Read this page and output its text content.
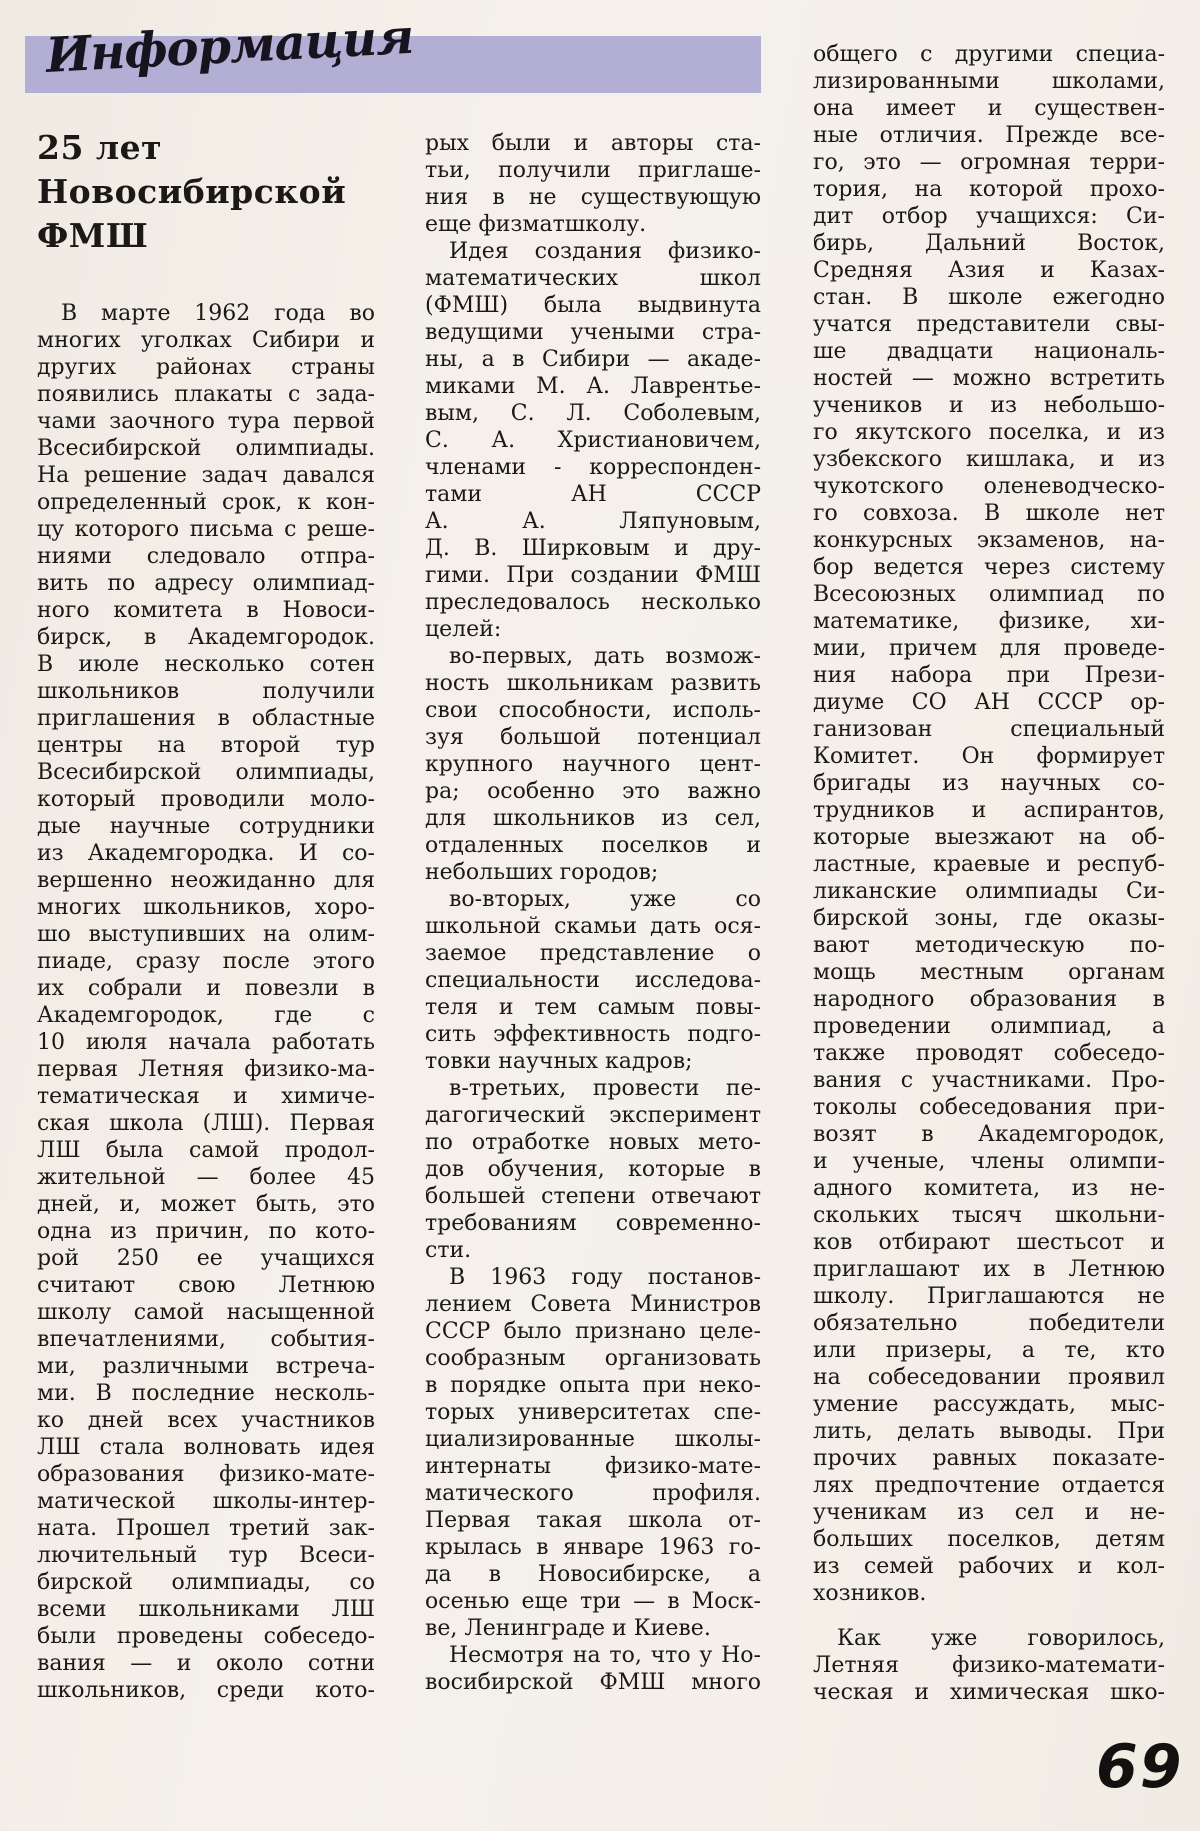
Информация
25 лет
Новосибирской
ФМШ
В марте 1962 года во
многих уголках Сибири и
других районах страны
появились плакаты с зада-
чами заочного тура первой
Всесибирской олимпиады.
На решение задач давался
определенный срок, к кон-
цу которого письма с реше-
ниями следовало отпра-
вить по адресу олимпиад-
ного комитета в Новоси-
бирск, в Академгородок.
В июле несколько сотен
школьников получили
приглашения в областные
центры на второй тур
Всесибирской олимпиады,
который проводили моло-
дые научные сотрудники
из Академгородка. И со-
вершенно неожиданно для
многих школьников, хоро-
шо выступивших на олим-
пиаде, сразу после этого
их собрали и повезли в
Академгородок, где с
10 июля начала работать
первая Летняя физико-ма-
тематическая и химиче-
ская школа (ЛШ). Первая
ЛШ была самой продол-
жительной — более 45
дней, и, может быть, это
одна из причин, по кото-
рой 250 ее учащихся
считают свою Летнюю
школу самой насыщенной
впечатлениями, события-
ми, различными встреча-
ми. В последние несколь-
ко дней всех участников
ЛШ стала волновать идея
образования физико-мате-
матической школы-интер-
ната. Прошел третий зак-
лючительный тур Всеси-
бирской олимпиады, со
всеми школьниками ЛШ
были проведены собеседо-
вания — и около сотни
школьников, среди кото-
рых были и авторы ста-
тьи, получили приглаше-
ния в не существующую
еще физматшколу.
Идея создания физико-
математических школ
(ФМШ) была выдвинута
ведущими учеными стра-
ны, а в Сибири — акаде-
миками М. А. Лаврентье-
вым, С. Л. Соболевым,
С. А. Христиановичем,
членами - корреспонден-
тами АН СССР
А. А. Ляпуновым,
Д. В. Ширковым и дру-
гими. При создании ФМШ
преследовалось несколько
целей:
во-первых, дать возмож-
ность школьникам развить
свои способности, исполь-
зуя большой потенциал
крупного научного цент-
ра; особенно это важно
для школьников из сел,
отдаленных поселков и
небольших городов;
во-вторых, уже со
школьной скамьи дать ося-
заемое представление о
специальности исследова-
теля и тем самым повы-
сить эффективность подго-
товки научных кадров;
в-третьих, провести пе-
дагогический эксперимент
по отработке новых мето-
дов обучения, которые в
большей степени отвечают
требованиям современно-
сти.
В 1963 году постанов-
лением Совета Министров
СССР было признано целе-
сообразным организовать
в порядке опыта при неко-
торых университетах спе-
циализированные школы-
интернаты физико-мате-
матического профиля.
Первая такая школа от-
крылась в январе 1963 го-
да в Новосибирске, а
осенью еще три — в Моск-
ве, Ленинграде и Киеве.
Несмотря на то, что у Но-
восибирской ФМШ много
общего с другими специа-
лизированными школами,
она имеет и существен-
ные отличия. Прежде все-
го, это — огромная терри-
тория, на которой прохо-
дит отбор учащихся: Си-
бирь, Дальний Восток,
Средняя Азия и Казах-
стан. В школе ежегодно
учатся представители свы-
ше двадцати националь-
ностей — можно встретить
учеников и из небольшо-
го якутского поселка, и из
узбекского кишлака, и из
чукотского оленеводческо-
го совхоза. В школе нет
конкурсных экзаменов, на-
бор ведется через систему
Всесоюзных олимпиад по
математике, физике, хи-
мии, причем для проведе-
ния набора при Прези-
диуме СО АН СССР ор-
ганизован специальный
Комитет. Он формирует
бригады из научных со-
трудников и аспирантов,
которые выезжают на об-
ластные, краевые и респуб-
ликанские олимпиады Си-
бирской зоны, где оказы-
вают методическую по-
мощь местным органам
народного образования в
проведении олимпиад, а
также проводят собеседо-
вания с участниками. Про-
токолы собеседования при-
возят в Академгородок,
и ученые, члены олимпи-
адного комитета, из не-
скольких тысяч школьни-
ков отбирают шестьсот и
приглашают их в Летнюю
школу. Приглашаются не
обязательно победители
или призеры, а те, кто
на собеседовании проявил
умение рассуждать, мыс-
лить, делать выводы. При
прочих равных показате-
лях предпочтение отдается
ученикам из сел и не-
больших поселков, детям
из семей рабочих и кол-
хозников.
Как уже говорилось,
Летняя физико-математи-
ческая и химическая шко-
69
